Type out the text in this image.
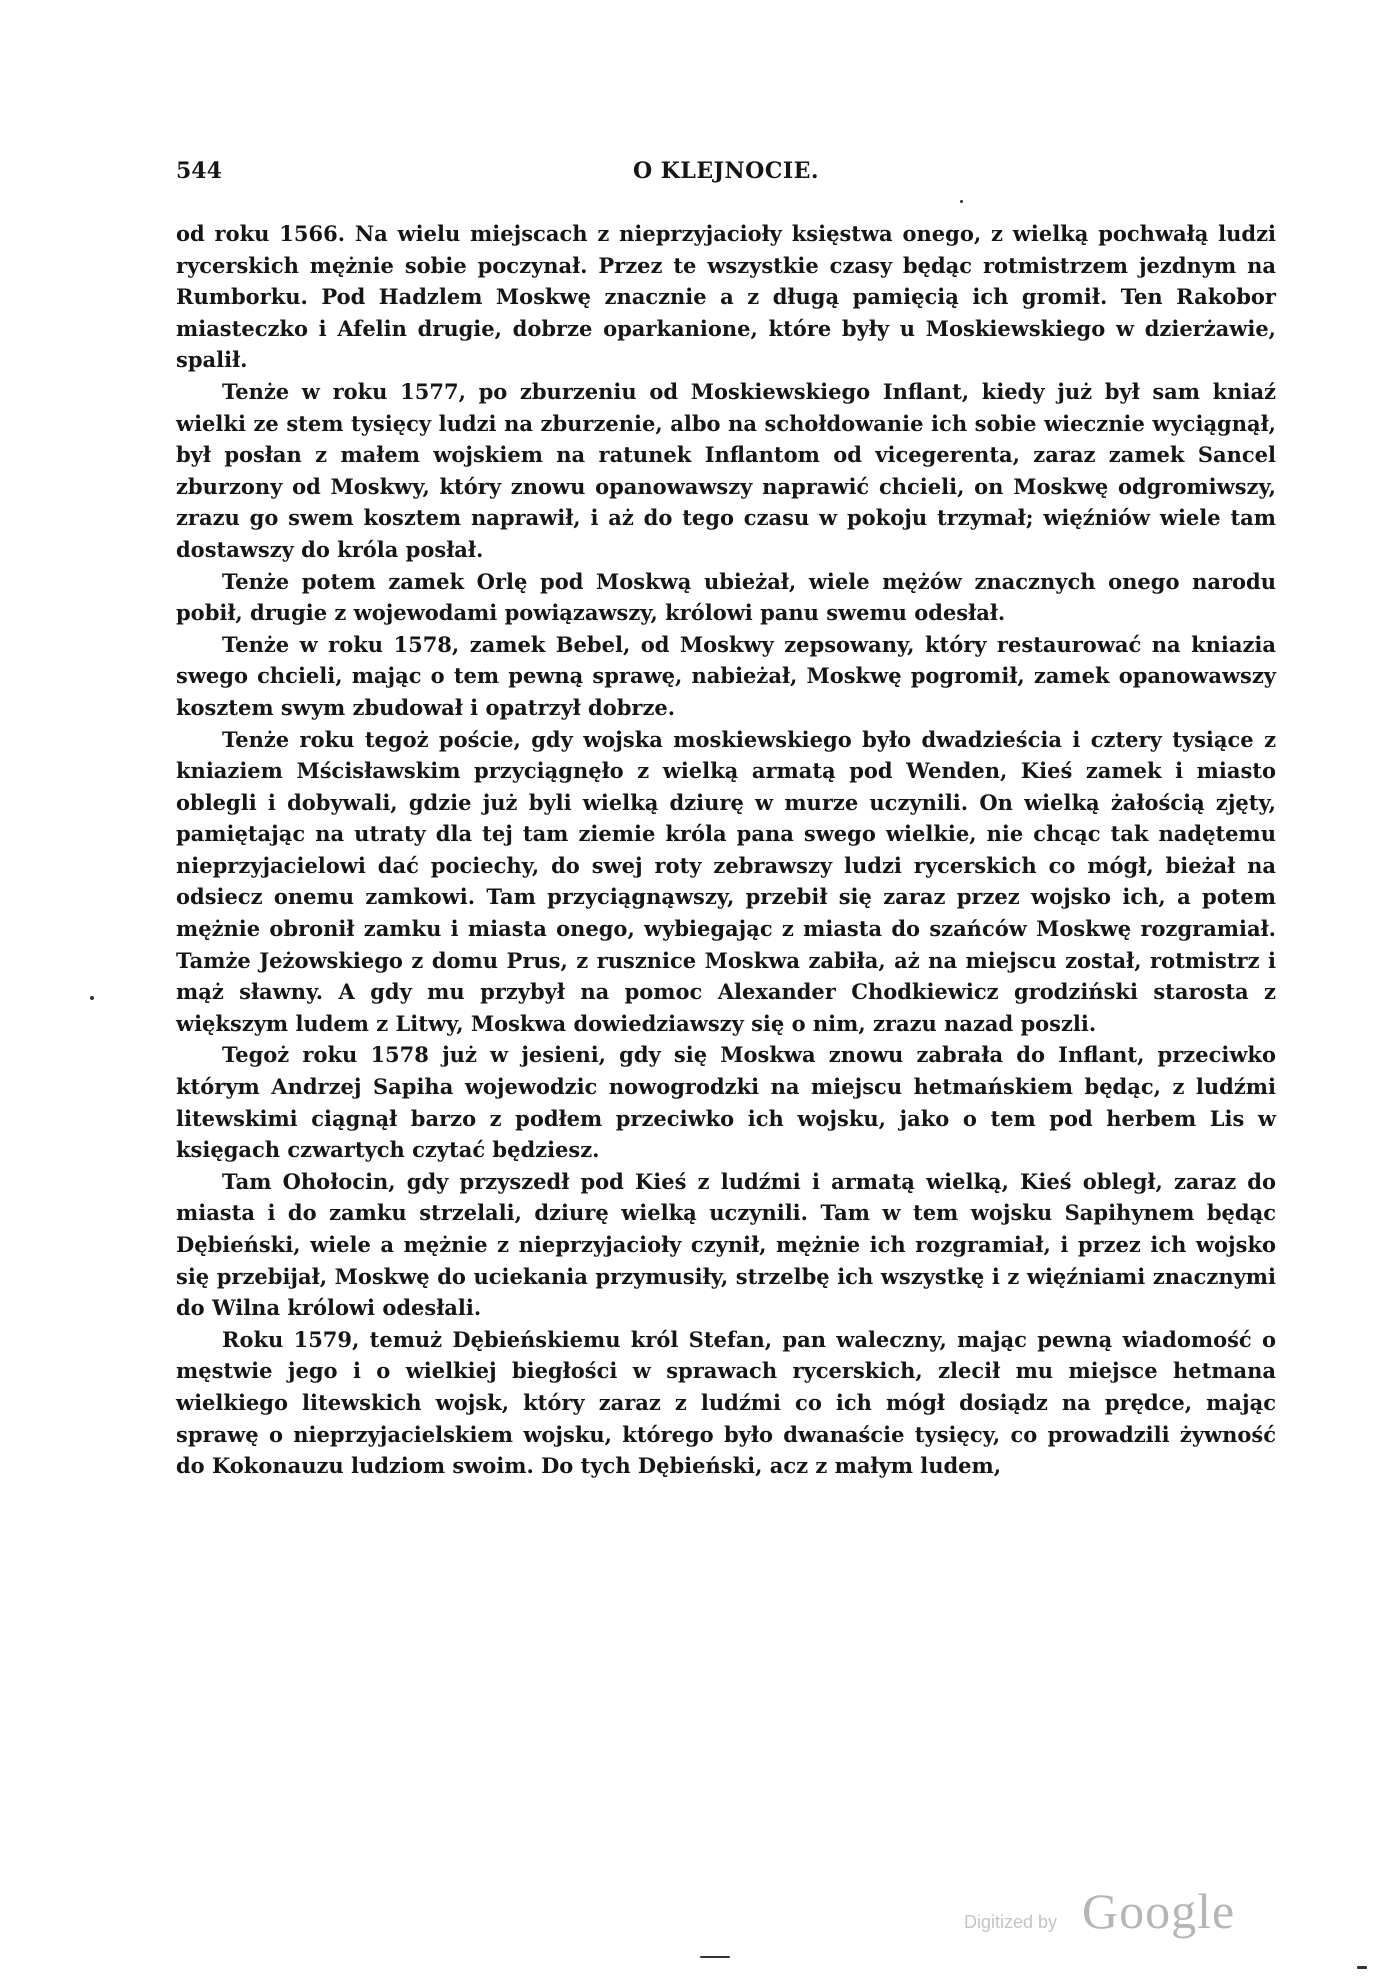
544	O KLEJNOCIE.

od roku 1566. Na wielu miejscach z nieprzyjacioły księstwa onego, z wielką pochwałą ludzi rycerskich mężnie sobie poczynał. Przez te wszystkie czasy będąc rotmistrzem jezdnym na Rumborku. Pod Hadzlem Moskwę znacznie a z długą pamięcią ich gromił. Ten Rakobor miasteczko i Afelin drugie, dobrze oparkanione, które były u Moskiewskiego w dzierżawie, spalił.

Tenże w roku 1577, po zburzeniu od Moskiewskiego Inflant, kiedy już był sam kniaź wielki ze stem tysięcy ludzi na zburzenie, albo na schołdowanie ich sobie wiecznie wyciągnął, był posłan z małem wojskiem na ratunek Inflantom od vicegerenta, zaraz zamek Sancel zburzony od Moskwy, który znowu opanowawszy naprawić chcieli, on Moskwę odgromiwszy, zrazu go swem kosztem naprawił, i aż do tego czasu w pokoju trzymał; więźniów wiele tam dostawszy do króla posłał.

Tenże potem zamek Orlę pod Moskwą ubieżał, wiele mężów znacznych onego narodu pobił, drugie z wojewodami powiązawszy, królowi panu swemu odesłał.

Tenże w roku 1578, zamek Bebel, od Moskwy zepsowany, który restaurować na kniazia swego chcieli, mając o tem pewną sprawę, nabieżał, Moskwę pogromił, zamek opanowawszy kosztem swym zbudował i opatrzył dobrze.

Tenże roku tegoż poście, gdy wojska moskiewskiego było dwadzieścia i cztery tysiące z kniaziem Mścisławskim przyciągnęło z wielką armatą pod Wenden, Kieś zamek i miasto oblegli i dobywali, gdzie już byli wielką dziurę w murze uczynili. On wielką żałością zjęty, pamiętając na utraty dla tej tam ziemie króla pana swego wielkie, nie chcąc tak nadętemu nieprzyjacielowi dać pociechy, do swej roty zebrawszy ludzi rycerskich co mógł, bieżał na odsiecz onemu zamkowi. Tam przyciągnąwszy, przebił się zaraz przez wojsko ich, a potem mężnie obronił zamku i miasta onego, wybiegając z miasta do szańców Moskwę rozgramiał. Tamże Jeżowskiego z domu Prus, z rusznice Moskwa zabiła, aż na miejscu został, rotmistrz i mąż sławny. A gdy mu przybył na pomoc Alexander Chodkiewicz grodziński starosta z większym ludem z Litwy, Moskwa dowiedziawszy się o nim, zrazu nazad poszli.

Tegoż roku 1578 już w jesieni, gdy się Moskwa znowu zabrała do Inflant, przeciwko którym Andrzej Sapiha wojewodzic nowogrodzki na miejscu hetmańskiem będąc, z ludźmi litewskimi ciągnął barzo z podłem przeciwko ich wojsku, jako o tem pod herbem Lis w księgach czwartych czytać będziesz.

Tam Ohołocin, gdy przyszedł pod Kieś z ludźmi i armatą wielką, Kieś obległ, zaraz do miasta i do zamku strzelali, dziurę wielką uczynili. Tam w tem wojsku Sapihynem będąc Dębieński, wiele a mężnie z nieprzyjacioły czynił, mężnie ich rozgramiał, i przez ich wojsko się przebijał, Moskwę do uciekania przymusiły, strzelbę ich wszystkę i z więźniami znacznymi do Wilna królowi odesłali.

Roku 1579, temuż Dębieńskiemu król Stefan, pan waleczny, mając pewną wiadomość o męstwie jego i o wielkiej biegłości w sprawach rycerskich, zlecił mu miejsce hetmana wielkiego litewskich wojsk, który zaraz z ludźmi co ich mógł dosiądz na prędce, mając sprawę o nieprzyjacielskiem wojsku, którego było dwanaście tysięcy, co prowadzili żywność do Kokonauzu ludziom swoim. Do tych Dębieński, acz z małym ludem,

Digitized by Google
